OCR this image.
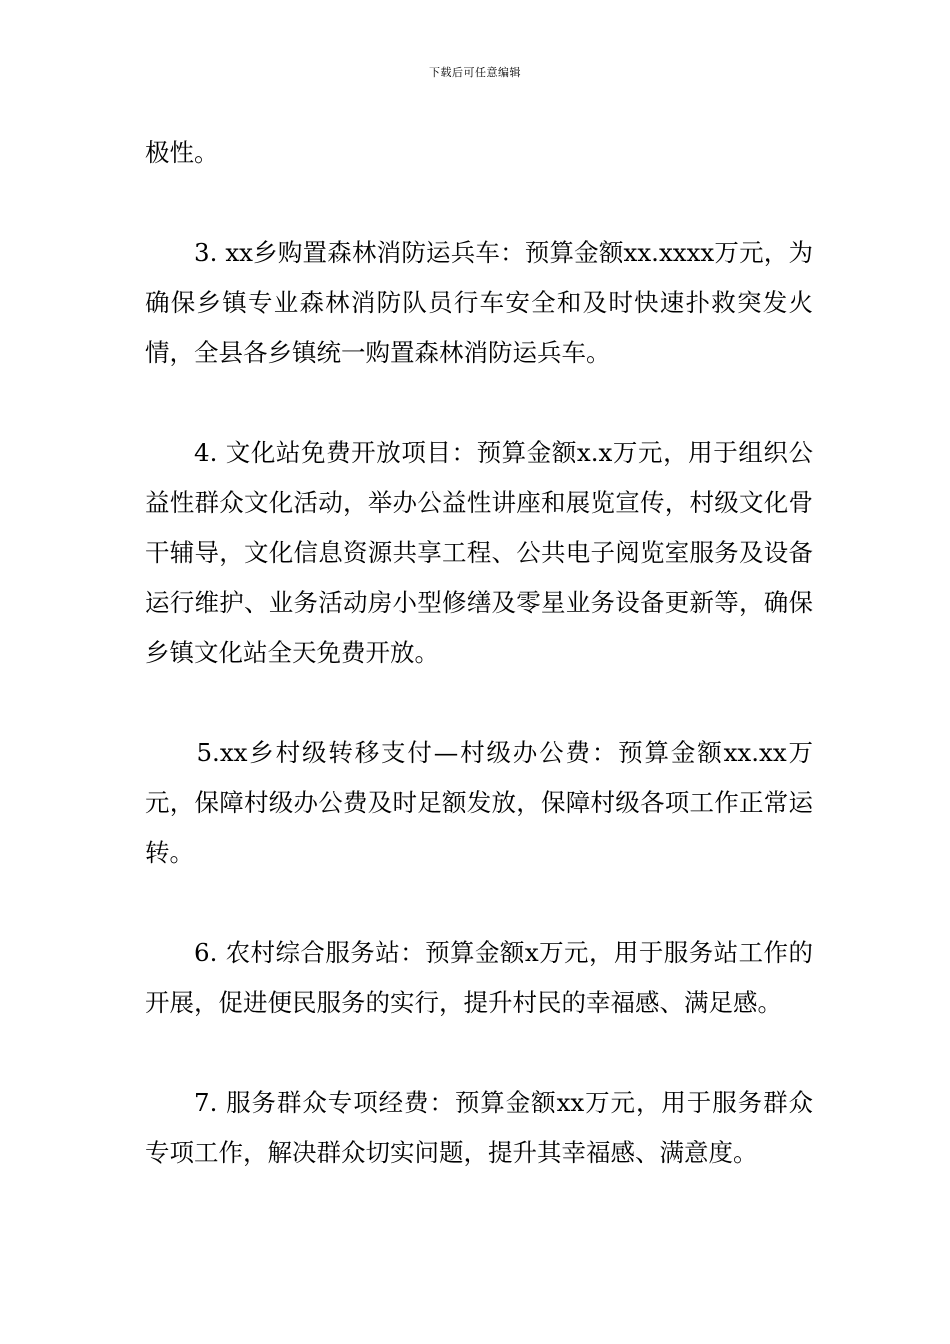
下载后可任意编辑

极性。

3. xx乡购置森林消防运兵车：预算金额xx.xxxx万元，为确保乡镇专业森林消防队员行车安全和及时快速扑救突发火情，全县各乡镇统一购置森林消防运兵车。

4. 文化站免费开放项目：预算金额x.x万元，用于组织公益性群众文化活动，举办公益性讲座和展览宣传，村级文化骨干辅导，文化信息资源共享工程、公共电子阅览室服务及设备运行维护、业务活动房小型修缮及零星业务设备更新等，确保乡镇文化站全天免费开放。

5.xx乡村级转移支付—村级办公费：预算金额xx.xx万元，保障村级办公费及时足额发放，保障村级各项工作正常运转。

6. 农村综合服务站：预算金额x万元，用于服务站工作的开展，促进便民服务的实行，提升村民的幸福感、满足感。

7. 服务群众专项经费：预算金额xx万元，用于服务群众专项工作，解决群众切实问题，提升其幸福感、满意度。
